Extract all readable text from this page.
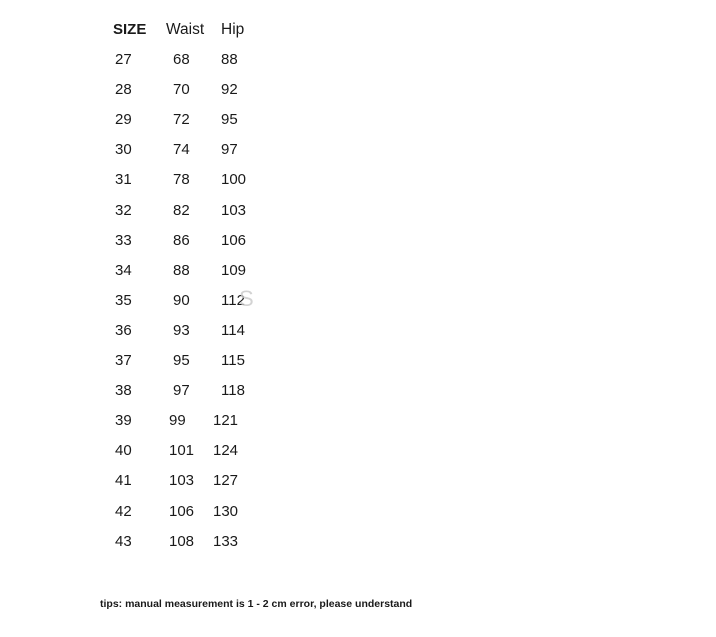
SIZE Waist Hip
27	68 88
28	70 92
29	72 95
30	74 97
31	78 100
32	82 103
33	86 106
34	88 109
35	90 112
36	93 114
37	95 115
38	97 118
39 99 121
40 101 124
41 103 127
42 106 130
43 108 133
S
tips: manual measurement is 1 - 2 cm error, please understand
